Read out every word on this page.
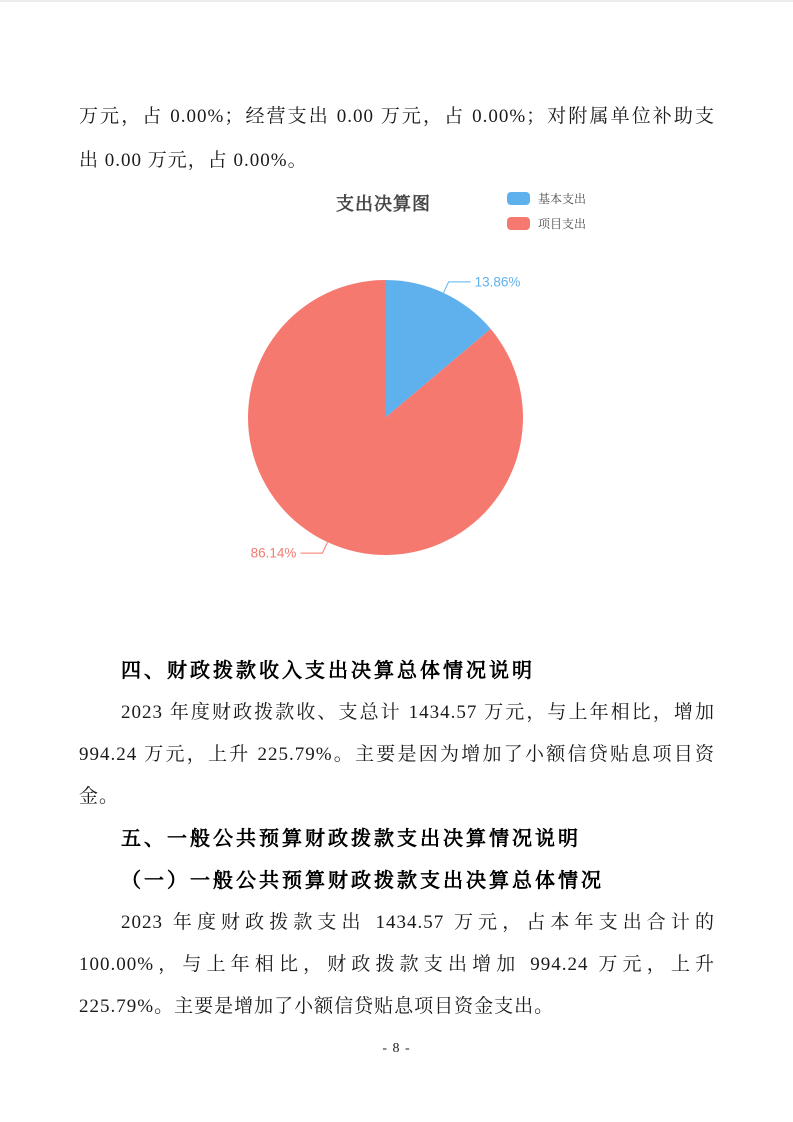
万元，占 0.00%；经营支出 0.00 万元，占 0.00%；对附属单位补助支
出 0.00 万元，占 0.00%。
支出决算图	基本支出
项目支出
13.86%
86.14%
四、财政拨款收入支出决算总体情况说明
2023 年度财政拨款收、支总计 1434.57 万元，与上年相比，增加
994.24 万元，上升 225.79%。主要是因为增加了小额信贷贴息项目资
金。
五、一般公共预算财政拨款支出决算情况说明
（一）一般公共预算财政拨款支出决算总体情况
2023 年度财政拨款支出 1434.57 万元，占本年支出合计的
100.00%，与上年相比，财政拨款支出增加 994.24 万元，上升
225.79%。主要是增加了小额信贷贴息项目资金支出。
- 8 -
